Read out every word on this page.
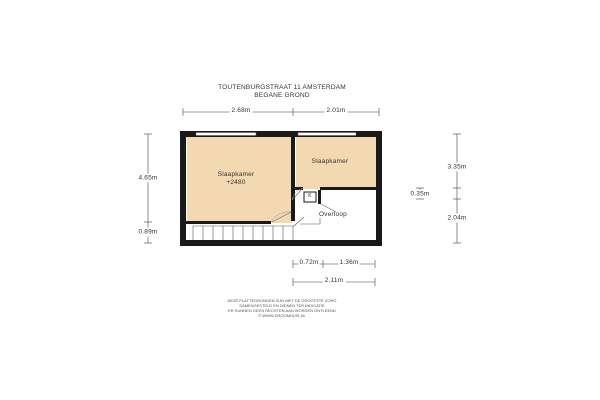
TOUTENBURGSTRAAT 11 AMSTERDAM
BEGANE GROND
Slaapkamer
+2480
Slaapkamer
Overloop
K
2.68m	2.01m
4.65m
0.89m
3.35m
0.35m
2.04m
0.72m	1.36m
2.11m
DEZE PLATTEGRONDEN ZIJN MET DE GROOTSTE ZORG
SAMENGESTELD EN DIENEN TER INDICATIE
ER KUNNEN GEEN RECHTEN AAN WORDEN ONTLEEND
© WWW.DROOMHUIS.NL
